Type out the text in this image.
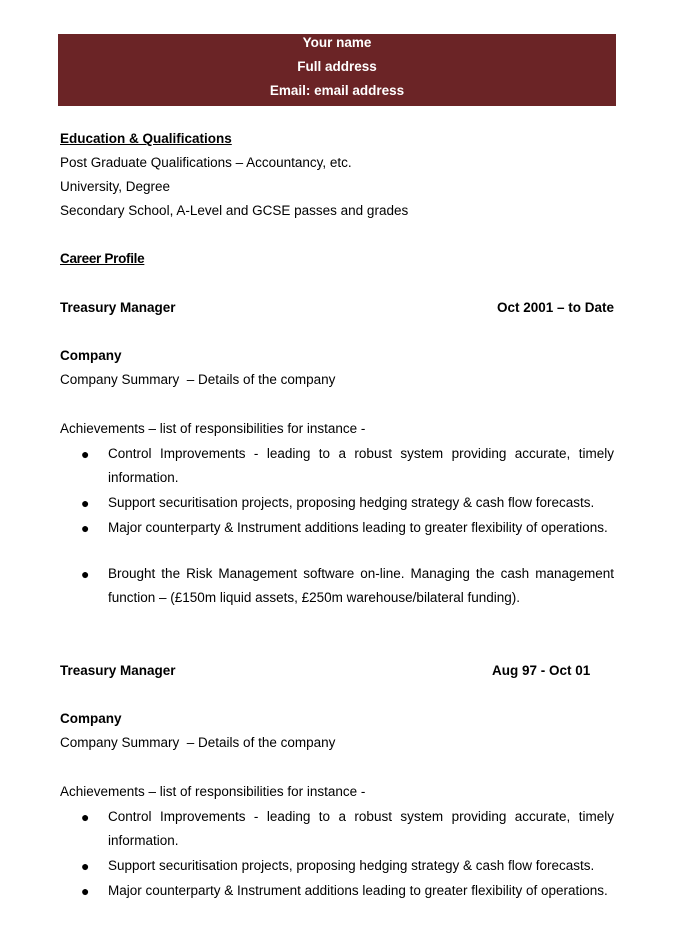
Your name
Full address
Email: email address
Education & Qualifications
Post Graduate Qualifications – Accountancy, etc.
University, Degree
Secondary School, A-Level and GCSE passes and grades
Career Profile
Treasury Manager	Oct 2001 – to Date
Company
Company Summary  – Details of the company
Achievements – list of responsibilities for instance -
● Control Improvements - leading to a robust system providing accurate, timely information.
● Support securitisation projects, proposing hedging strategy & cash flow forecasts.
● Major counterparty & Instrument additions leading to greater flexibility of operations.
● Brought the Risk Management software on-line. Managing the cash management function – (£150m liquid assets, £250m warehouse/bilateral funding).
Treasury Manager	Aug 97 - Oct 01
Company
Company Summary  – Details of the company
Achievements – list of responsibilities for instance -
● Control Improvements - leading to a robust system providing accurate, timely information.
● Support securitisation projects, proposing hedging strategy & cash flow forecasts.
● Major counterparty & Instrument additions leading to greater flexibility of operations.
